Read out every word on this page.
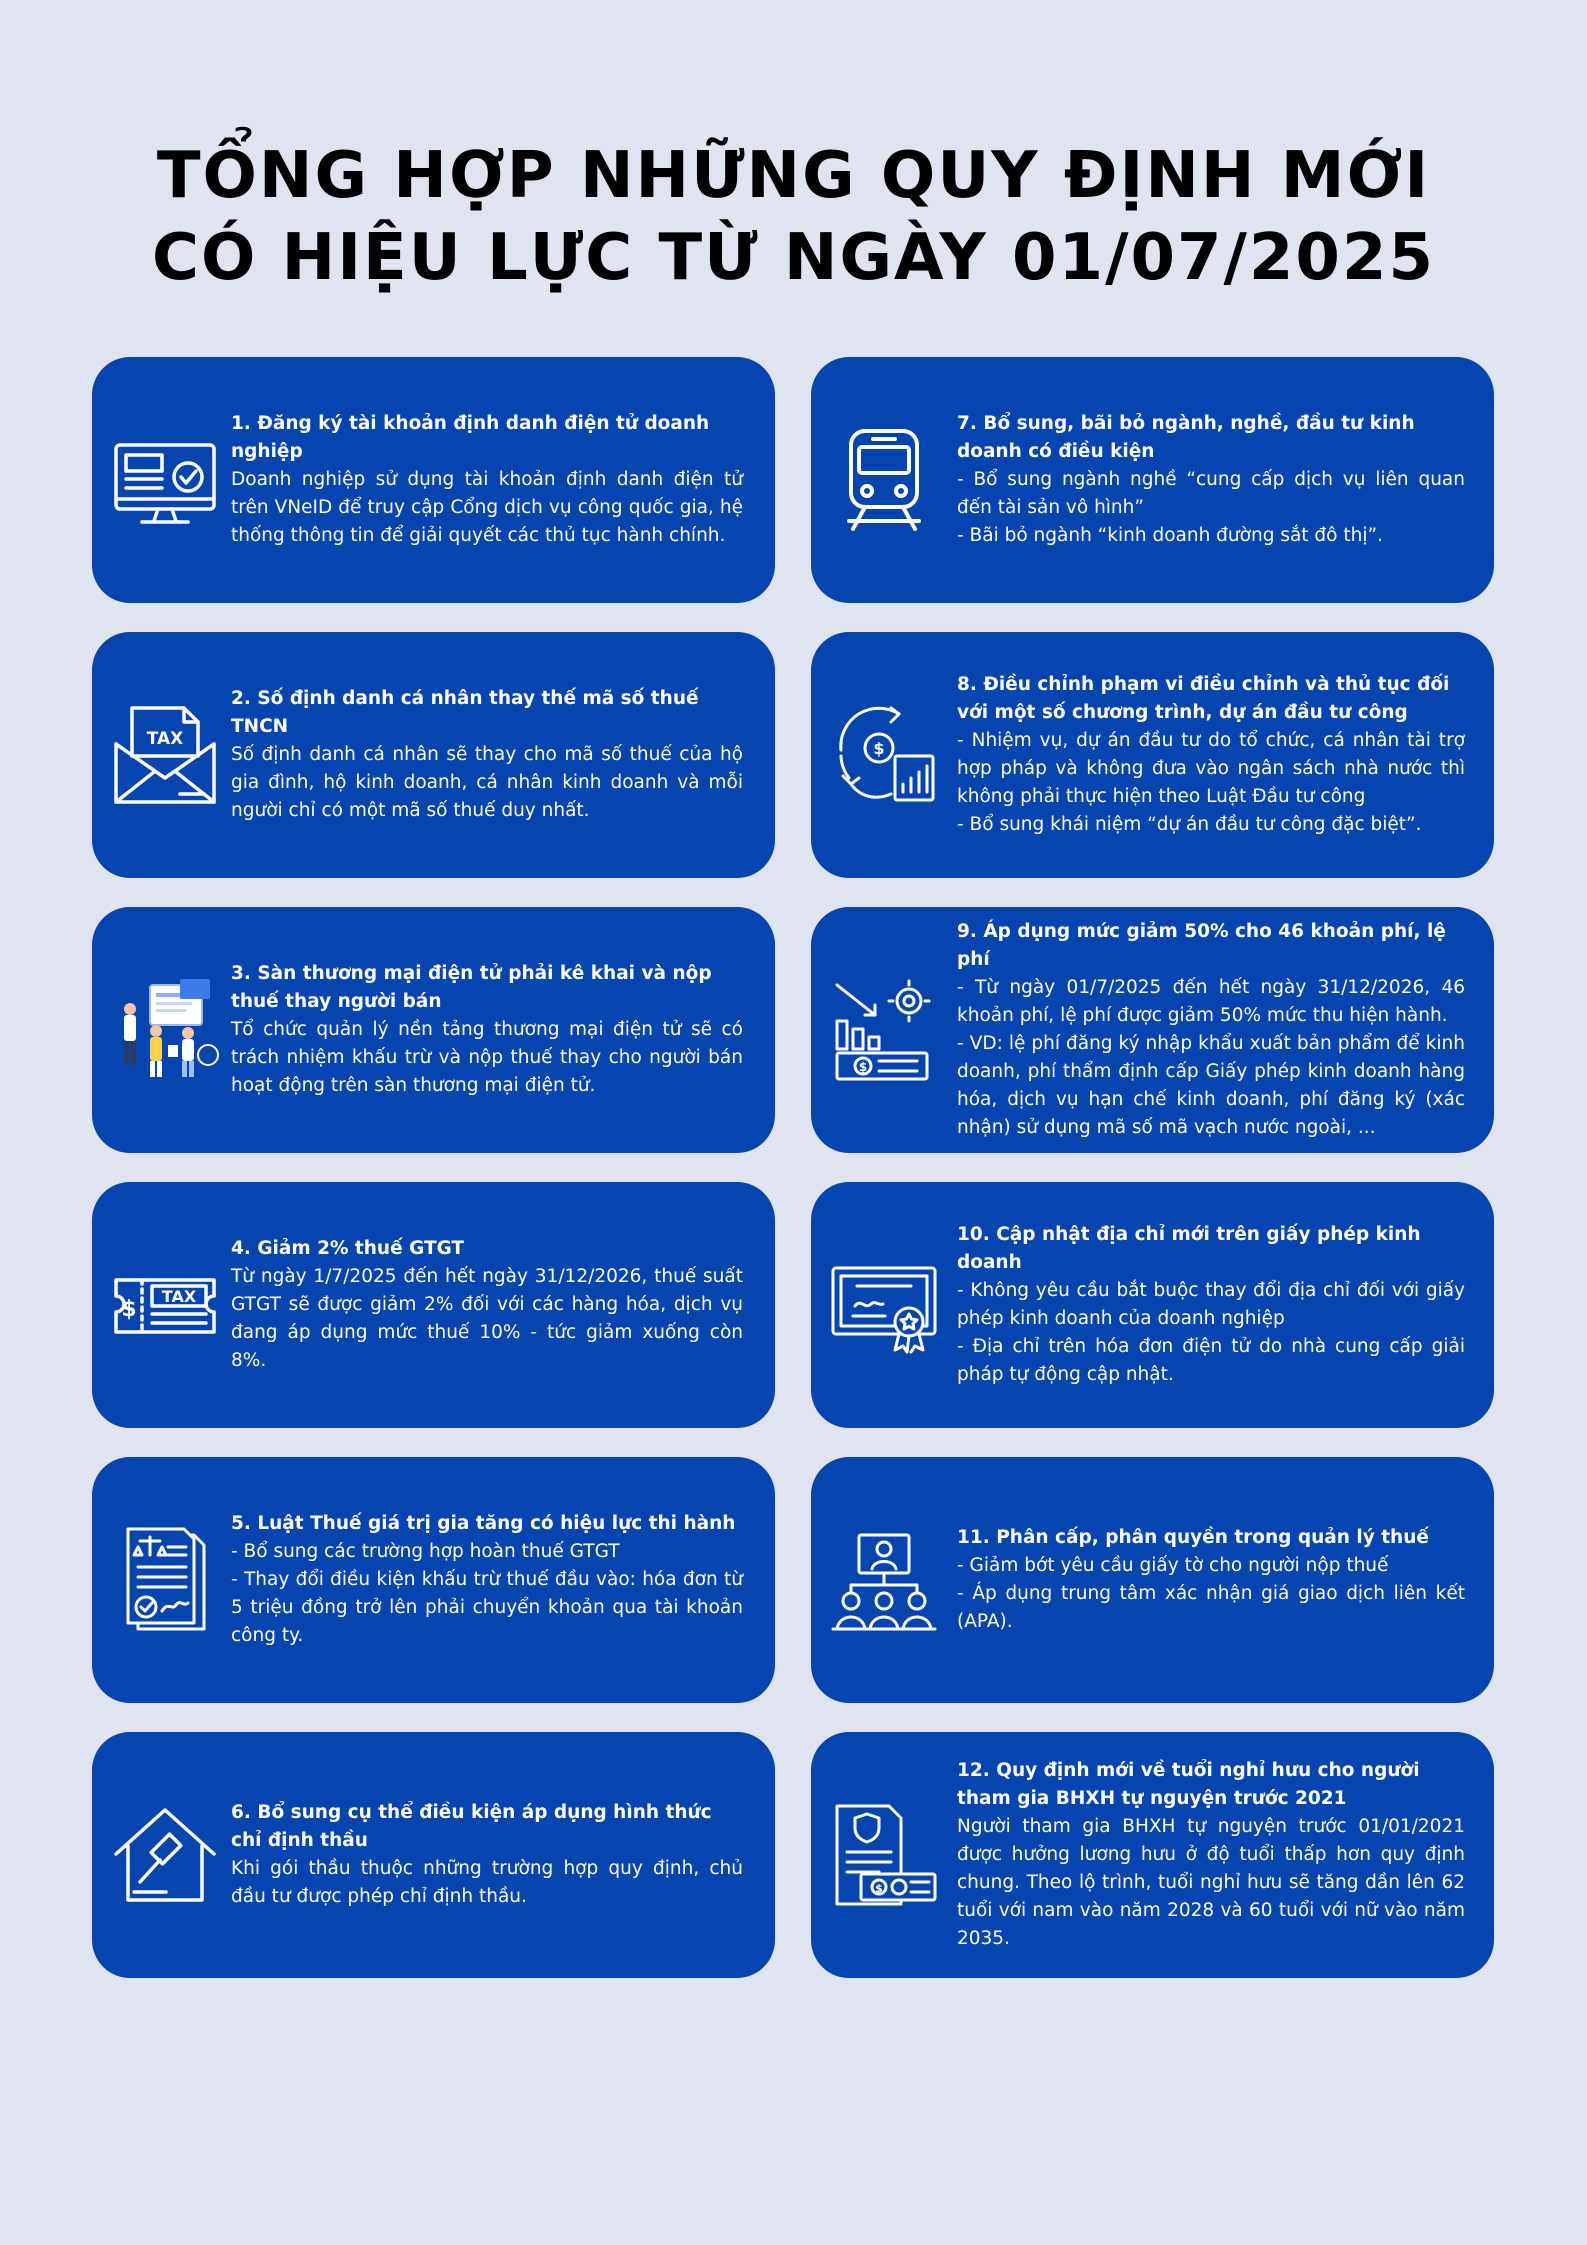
TỔNG HỢP NHỮNG QUY ĐỊNH MỚI
CÓ HIỆU LỰC TỪ NGÀY 01/07/2025
1. Đăng ký tài khoản định danh điện tử doanh nghiệp
Doanh nghiệp sử dụng tài khoản định danh điện tử trên VNeID để truy cập Cổng dịch vụ công quốc gia, hệ thống thông tin để giải quyết các thủ tục hành chính.
TAX
2. Số định danh cá nhân thay thế mã số thuế TNCN
Số định danh cá nhân sẽ thay cho mã số thuế của hộ gia đình, hộ kinh doanh, cá nhân kinh doanh và mỗi người chỉ có một mã số thuế duy nhất.
3. Sàn thương mại điện tử phải kê khai và nộp thuế thay người bán
Tổ chức quản lý nền tảng thương mại điện tử sẽ có trách nhiệm khấu trừ và nộp thuế thay cho người bán hoạt động trên sàn thương mại điện tử.
$
TAX
4. Giảm 2% thuế GTGT
Từ ngày 1/7/2025 đến hết ngày 31/12/2026, thuế suất GTGT sẽ được giảm 2% đối với các hàng hóa, dịch vụ đang áp dụng mức thuế 10% - tức giảm xuống còn 8%.
5. Luật Thuế giá trị gia tăng có hiệu lực thi hành
- Bổ sung các trường hợp hoàn thuế GTGT
- Thay đổi điều kiện khấu trừ thuế đầu vào: hóa đơn từ 5 triệu đồng trở lên phải chuyển khoản qua tài khoản công ty.
6. Bổ sung cụ thể điều kiện áp dụng hình thức chỉ định thầu
Khi gói thầu thuộc những trường hợp quy định, chủ đầu tư được phép chỉ định thầu.
7. Bổ sung, bãi bỏ ngành, nghề, đầu tư kinh doanh có điều kiện
- Bổ sung ngành nghề “cung cấp dịch vụ liên quan đến tài sản vô hình”
- Bãi bỏ ngành “kinh doanh đường sắt đô thị”.
$
8. Điều chỉnh phạm vi điều chỉnh và thủ tục đối với một số chương trình, dự án đầu tư công
- Nhiệm vụ, dự án đầu tư do tổ chức, cá nhân tài trợ hợp pháp và không đưa vào ngân sách nhà nước thì không phải thực hiện theo Luật Đầu tư công
- Bổ sung khái niệm “dự án đầu tư công đặc biệt”.
$
9. Áp dụng mức giảm 50% cho 46 khoản phí, lệ phí
- Từ ngày 01/7/2025 đến hết ngày 31/12/2026, 46 khoản phí, lệ phí được giảm 50% mức thu hiện hành.
- VD: lệ phí đăng ký nhập khẩu xuất bản phẩm để kinh doanh, phí thẩm định cấp Giấy phép kinh doanh hàng hóa, dịch vụ hạn chế kinh doanh, phí đăng ký (xác nhận) sử dụng mã số mã vạch nước ngoài, ...
10. Cập nhật địa chỉ mới trên giấy phép kinh doanh
- Không yêu cầu bắt buộc thay đổi địa chỉ đối với giấy phép kinh doanh của doanh nghiệp
- Địa chỉ trên hóa đơn điện tử do nhà cung cấp giải pháp tự động cập nhật.
11. Phân cấp, phân quyền trong quản lý thuế
- Giảm bớt yêu cầu giấy tờ cho người nộp thuế
- Áp dụng trung tâm xác nhận giá giao dịch liên kết (APA).
$
12. Quy định mới về tuổi nghỉ hưu cho người tham gia BHXH tự nguyện trước 2021
Người tham gia BHXH tự nguyện trước 01/01/2021 được hưởng lương hưu ở độ tuổi thấp hơn quy định chung. Theo lộ trình, tuổi nghỉ hưu sẽ tăng dần lên 62 tuổi với nam vào năm 2028 và 60 tuổi với nữ vào năm 2035.
